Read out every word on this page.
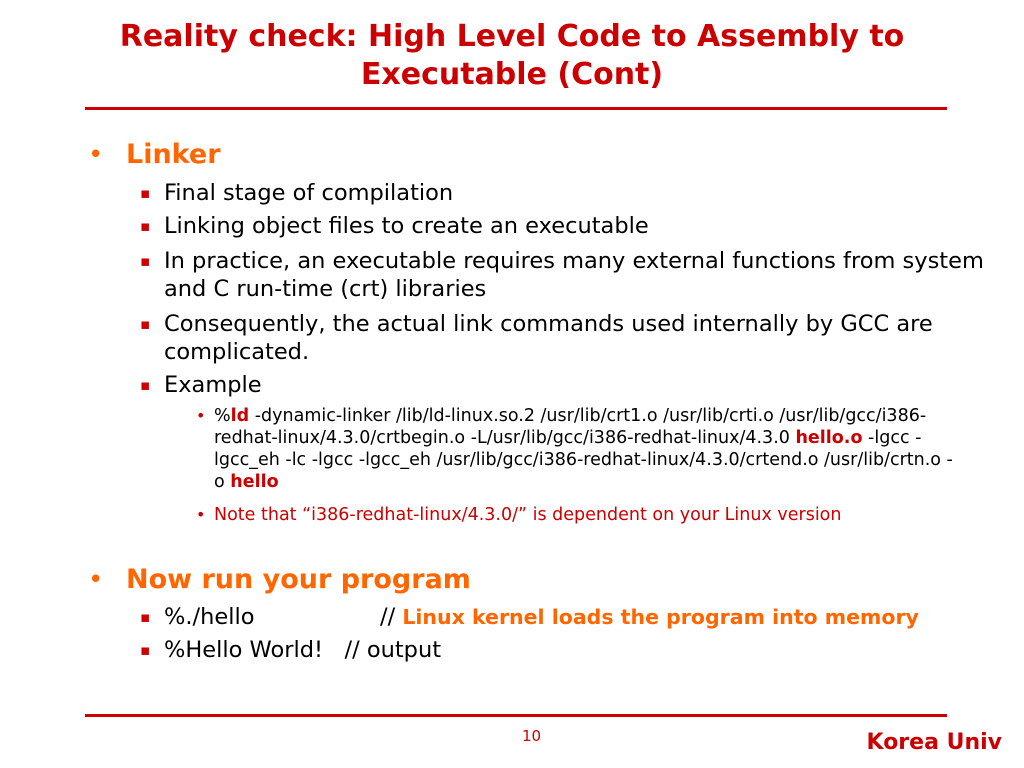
Reality check: High Level Code to Assembly to Executable (Cont)
• Linker
▪ Final stage of compilation
▪ Linking object files to create an executable
▪ In practice, an executable requires many external functions from system and C run-time (crt) libraries
▪ Consequently, the actual link commands used internally by GCC are complicated.
▪ Example
• %ld -dynamic-linker /lib/ld-linux.so.2 /usr/lib/crt1.o /usr/lib/crti.o /usr/lib/gcc/i386-redhat-linux/4.3.0/crtbegin.o -L/usr/lib/gcc/i386-redhat-linux/4.3.0 hello.o -lgcc -lgcc_eh -lc -lgcc -lgcc_eh /usr/lib/gcc/i386-redhat-linux/4.3.0/crtend.o /usr/lib/crtn.o -o hello
• Note that “i386-redhat-linux/4.3.0/” is dependent on your Linux version
• Now run your program
▪ %./hello	// Linux kernel loads the program into memory
▪ %Hello World!   // output
10	Korea Univ
